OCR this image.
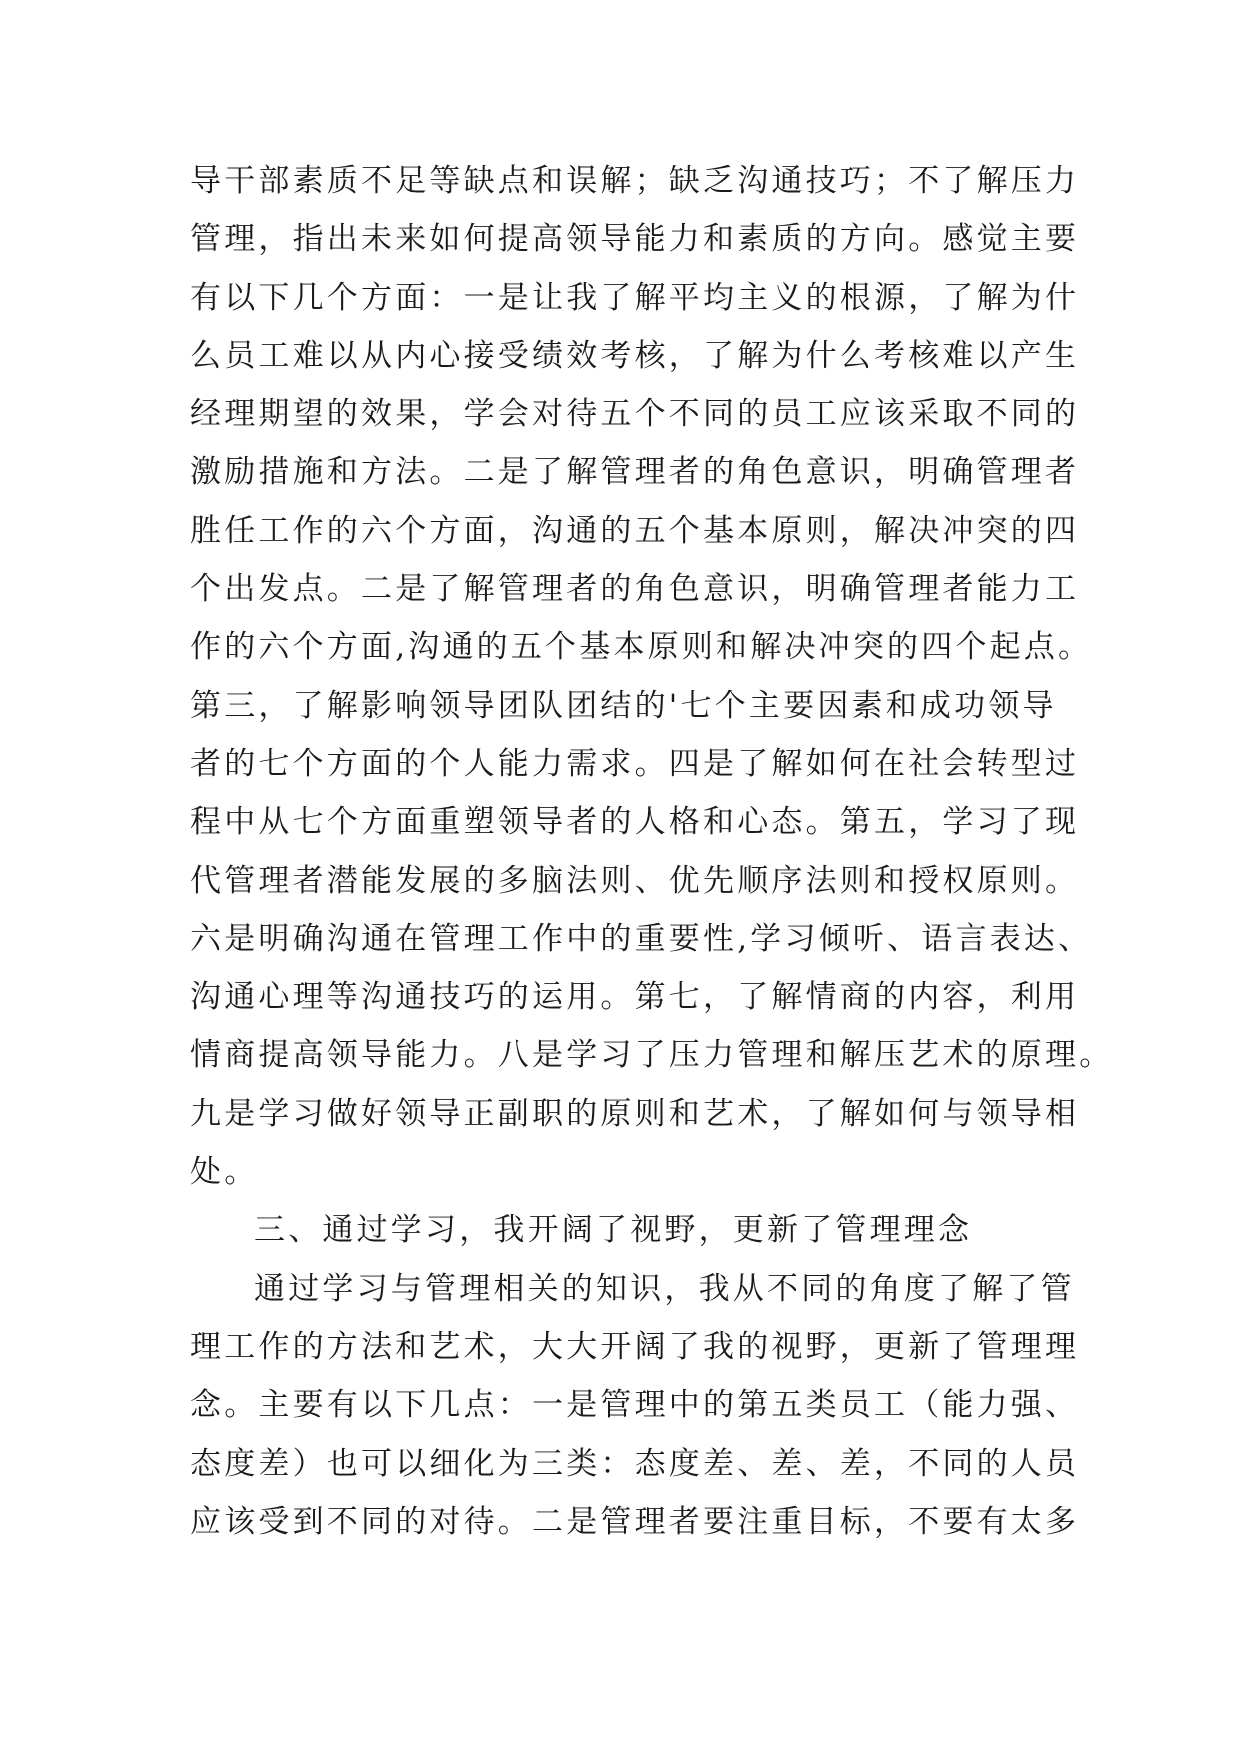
导干部素质不足等缺点和误解；缺乏沟通技巧；不了解压力
管理，指出未来如何提高领导能力和素质的方向。感觉主要
有以下几个方面：一是让我了解平均主义的根源，了解为什
么员工难以从内心接受绩效考核，了解为什么考核难以产生
经理期望的效果，学会对待五个不同的员工应该采取不同的
激励措施和方法。二是了解管理者的角色意识，明确管理者
胜任工作的六个方面，沟通的五个基本原则，解决冲突的四
个出发点。二是了解管理者的角色意识，明确管理者能力工
作的六个方面,沟通的五个基本原则和解决冲突的四个起点。
第三，了解影响领导团队团结的'七个主要因素和成功领导
者的七个方面的个人能力需求。四是了解如何在社会转型过
程中从七个方面重塑领导者的人格和心态。第五，学习了现
代管理者潜能发展的多脑法则、优先顺序法则和授权原则。
六是明确沟通在管理工作中的重要性,学习倾听、语言表达、
沟通心理等沟通技巧的运用。第七，了解情商的内容，利用
情商提高领导能力。八是学习了压力管理和解压艺术的原理。
九是学习做好领导正副职的原则和艺术，了解如何与领导相
处。
三、通过学习，我开阔了视野，更新了管理理念
通过学习与管理相关的知识，我从不同的角度了解了管
理工作的方法和艺术，大大开阔了我的视野，更新了管理理
念。主要有以下几点：一是管理中的第五类员工（能力强、
态度差）也可以细化为三类：态度差、差、差，不同的人员
应该受到不同的对待。二是管理者要注重目标，不要有太多
